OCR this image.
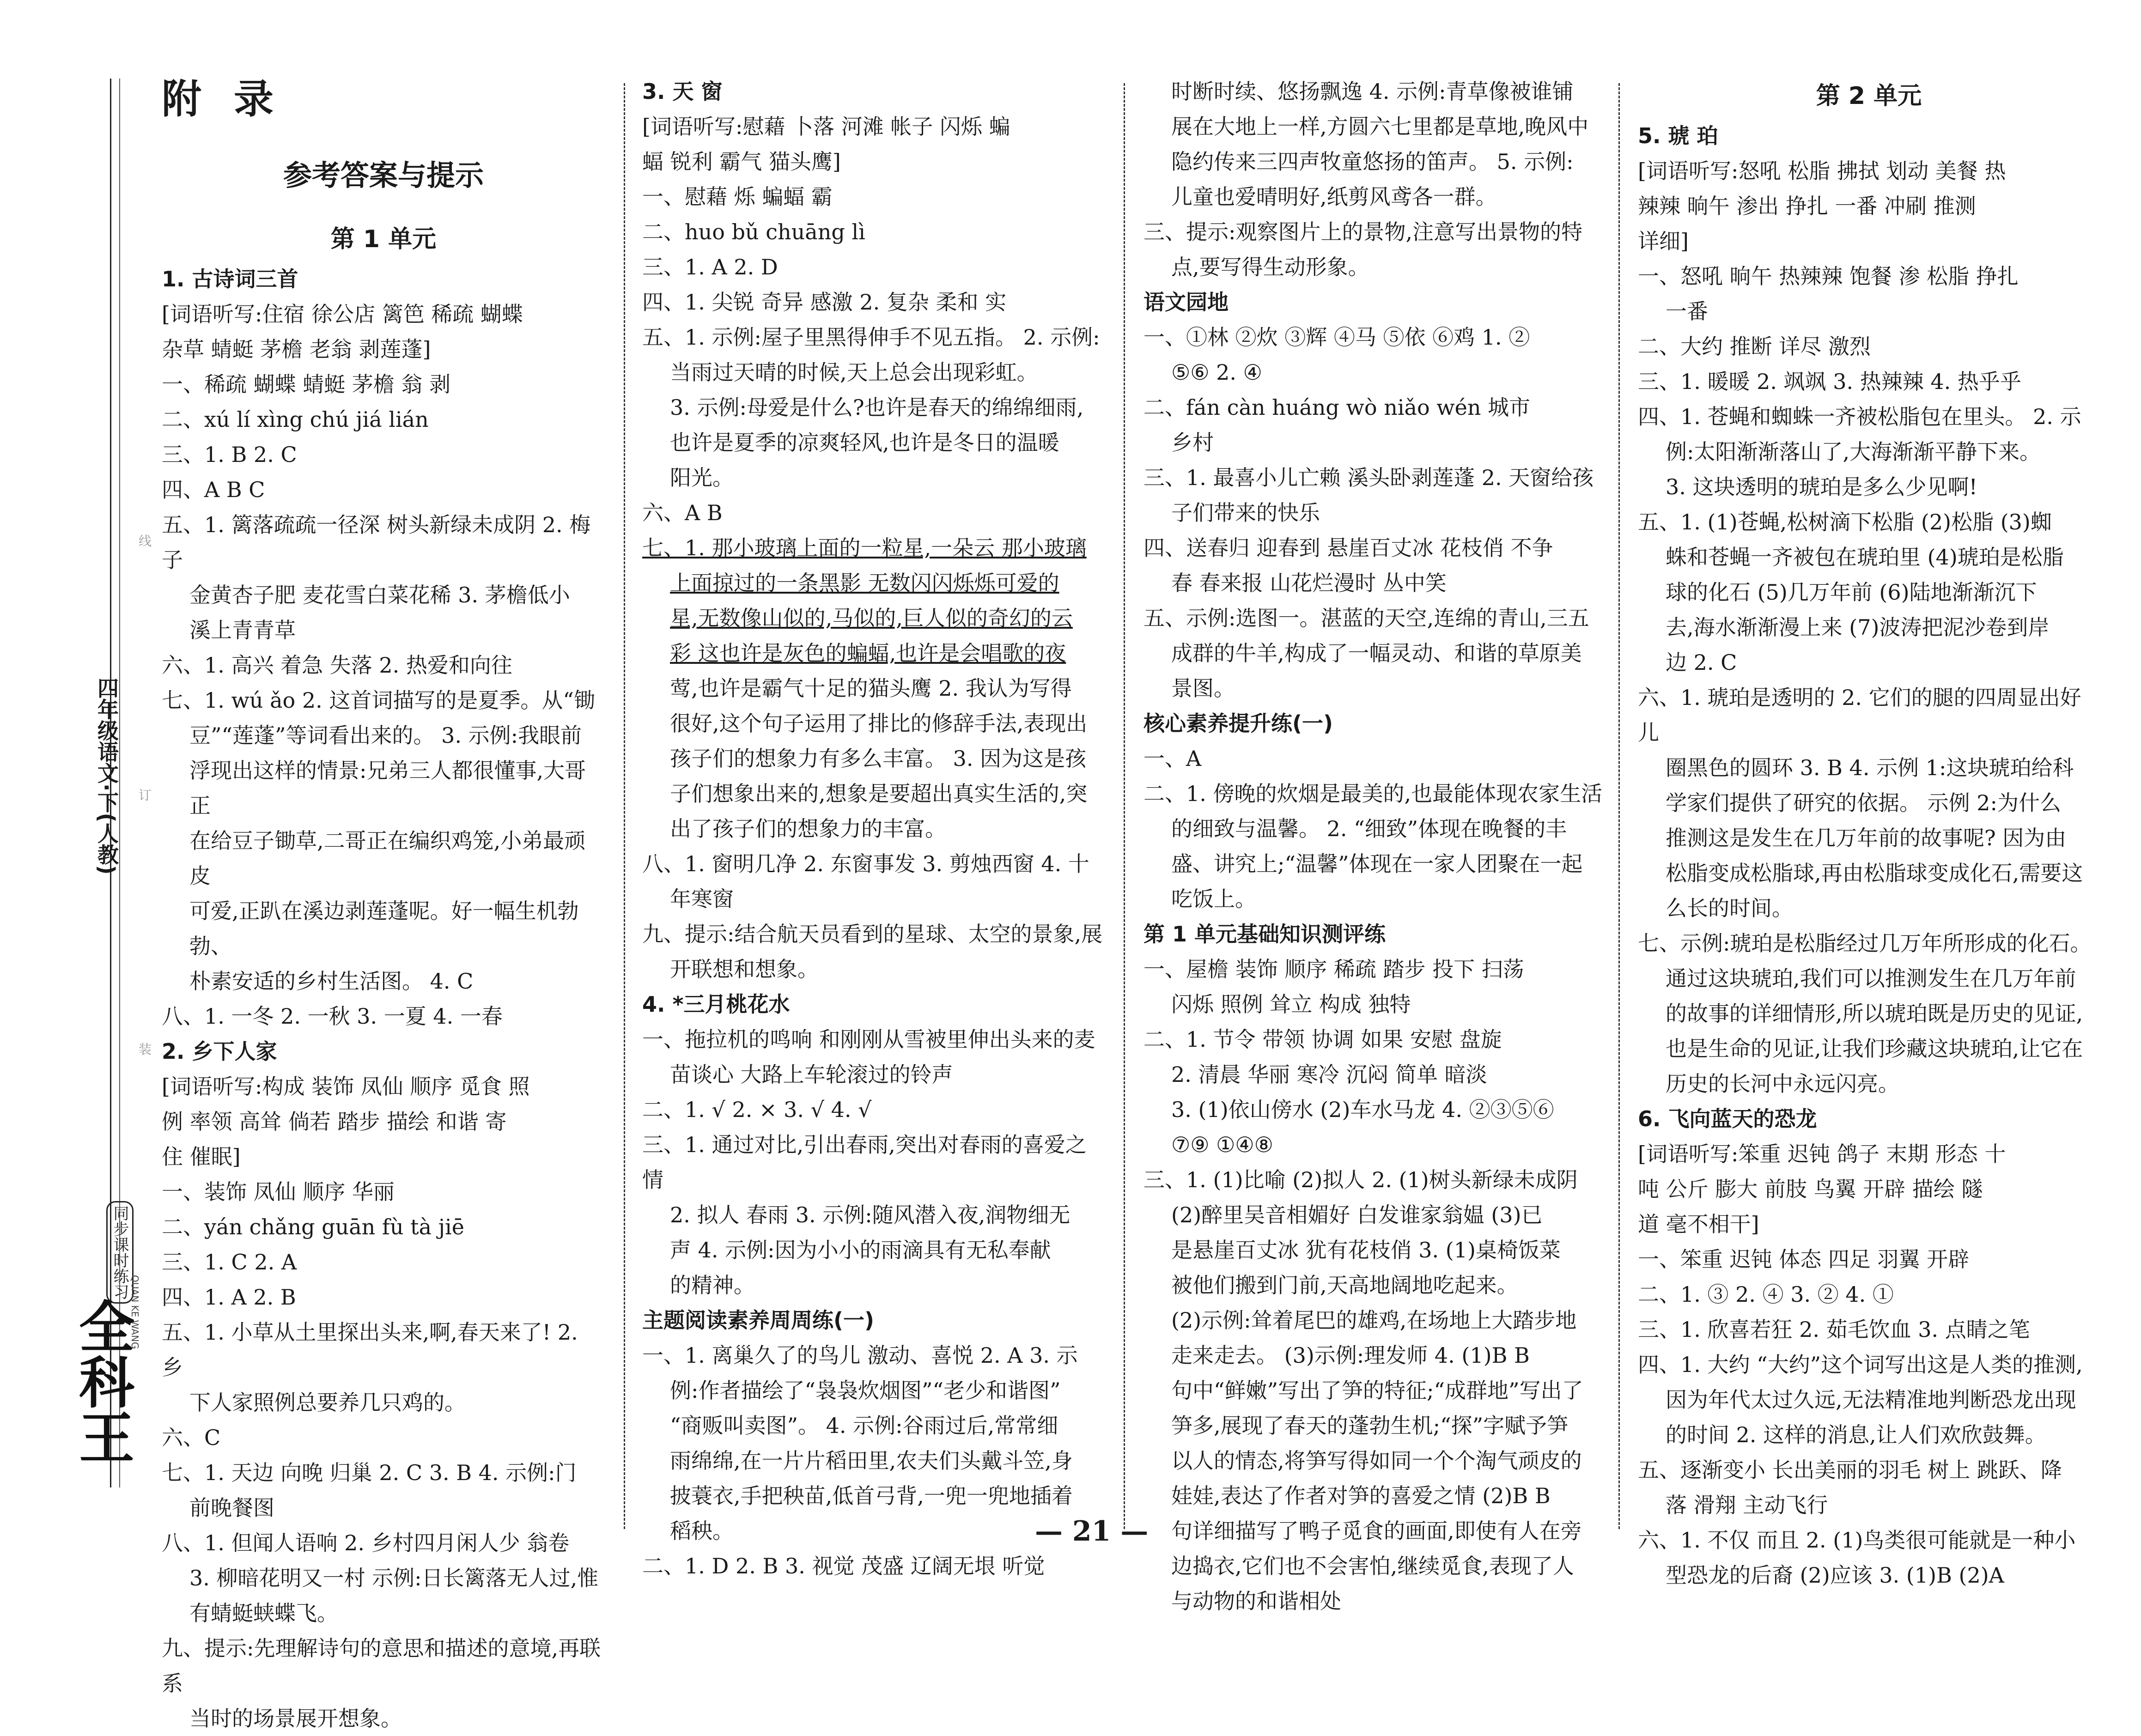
四年级语文·下(人教)
线
订
装
同步课时练习
QUAN KE WANG
全科王
附 录
参考答案与提示
第 1 单元

1. 古诗词三首

[词语听写:住宿 徐公店 篱笆 稀疏 蝴蝶

杂草 蜻蜓 茅檐 老翁 剥莲蓬]

一、稀疏 蝴蝶 蜻蜓 茅檐 翁 剥

二、xú lí xìng chú jiá lián

三、1. B 2. C

四、A B C

五、1. 篱落疏疏一径深 树头新绿未成阴 2. 梅子

金黄杏子肥 麦花雪白菜花稀 3. 茅檐低小

溪上青青草

六、1. 高兴 着急 失落 2. 热爱和向往

七、1. wú ǎo 2. 这首词描写的是夏季。从“锄

豆”“莲蓬”等词看出来的。 3. 示例:我眼前

浮现出这样的情景:兄弟三人都很懂事,大哥正

在给豆子锄草,二哥正在编织鸡笼,小弟最顽皮

可爱,正趴在溪边剥莲蓬呢。好一幅生机勃勃、

朴素安适的乡村生活图。 4. C

八、1. 一冬 2. 一秋 3. 一夏 4. 一春

2. 乡下人家

[词语听写:构成 装饰 凤仙 顺序 觅食 照

例 率领 高耸 倘若 踏步 描绘 和谐 寄

住 催眠]

一、装饰 凤仙 顺序 华丽

二、yán chǎng guān fù tà jiē

三、1. C 2. A

四、1. A 2. B

五、1. 小草从土里探出头来,啊,春天来了! 2. 乡

下人家照例总要养几只鸡的。

六、C

七、1. 天边 向晚 归巢 2. C 3. B 4. 示例:门

前晚餐图

八、1. 但闻人语响 2. 乡村四月闲人少 翁卷

3. 柳暗花明又一村 示例:日长篱落无人过,惟

有蜻蜓蛱蝶飞。

九、提示:先理解诗句的意思和描述的意境,再联系

当时的场景展开想象。

3. 天 窗

[词语听写:慰藉 卜落 河滩 帐子 闪烁 蝙

蝠 锐利 霸气 猫头鹰]

一、慰藉 烁 蝙蝠 霸

二、huo bǔ chuāng lì

三、1. A 2. D

四、1. 尖锐 奇异 感激 2. 复杂 柔和 实

五、1. 示例:屋子里黑得伸手不见五指。 2. 示例:

当雨过天晴的时候,天上总会出现彩虹。

3. 示例:母爱是什么?也许是春天的绵绵细雨,

也许是夏季的凉爽轻风,也许是冬日的温暖

阳光。

六、A B

七、1. 那小玻璃上面的一粒星,一朵云 那小玻璃

上面掠过的一条黑影 无数闪闪烁烁可爱的

星,无数像山似的,马似的,巨人似的奇幻的云

彩 这也许是灰色的蝙蝠,也许是会唱歌的夜

莺,也许是霸气十足的猫头鹰 2. 我认为写得

很好,这个句子运用了排比的修辞手法,表现出

孩子们的想象力有多么丰富。 3. 因为这是孩

子们想象出来的,想象是要超出真实生活的,突

出了孩子们的想象力的丰富。

八、1. 窗明几净 2. 东窗事发 3. 剪烛西窗 4. 十

年寒窗

九、提示:结合航天员看到的星球、太空的景象,展

开联想和想象。

4. *三月桃花水

一、拖拉机的鸣响 和刚刚从雪被里伸出头来的麦

苗谈心 大路上车轮滚过的铃声

二、1. √ 2. × 3. √ 4. √

三、1. 通过对比,引出春雨,突出对春雨的喜爱之情

2. 拟人 春雨 3. 示例:随风潜入夜,润物细无

声 4. 示例:因为小小的雨滴具有无私奉献

的精神。

主题阅读素养周周练(一)

一、1. 离巢久了的鸟儿 激动、喜悦 2. A 3. 示

例:作者描绘了“袅袅炊烟图”“老少和谐图”

“商贩叫卖图”。 4. 示例:谷雨过后,常常细

雨绵绵,在一片片稻田里,农夫们头戴斗笠,身

披蓑衣,手把秧苗,低首弓背,一兜一兜地插着

稻秧。

二、1. D 2. B 3. 视觉 茂盛 辽阔无垠 听觉

时断时续、悠扬飘逸 4. 示例:青草像被谁铺

展在大地上一样,方圆六七里都是草地,晚风中

隐约传来三四声牧童悠扬的笛声。 5. 示例:

儿童也爱晴明好,纸剪风鸢各一群。

三、提示:观察图片上的景物,注意写出景物的特

点,要写得生动形象。

语文园地

一、①林 ②炊 ③辉 ④马 ⑤依 ⑥鸡 1. ②

⑤⑥ 2. ④

二、fán càn huáng wò niǎo wén 城市

乡村

三、1. 最喜小儿亡赖 溪头卧剥莲蓬 2. 天窗给孩

子们带来的快乐

四、送春归 迎春到 悬崖百丈冰 花枝俏 不争

春 春来报 山花烂漫时 丛中笑

五、示例:选图一。湛蓝的天空,连绵的青山,三五

成群的牛羊,构成了一幅灵动、和谐的草原美

景图。

核心素养提升练(一)

一、A

二、1. 傍晚的炊烟是最美的,也最能体现农家生活

的细致与温馨。 2. “细致”体现在晚餐的丰

盛、讲究上;“温馨”体现在一家人团聚在一起

吃饭上。

第 1 单元基础知识测评练

一、屋檐 装饰 顺序 稀疏 踏步 投下 扫荡

闪烁 照例 耸立 构成 独特

二、1. 节令 带领 协调 如果 安慰 盘旋

2. 清晨 华丽 寒冷 沉闷 简单 暗淡

3. (1)依山傍水 (2)车水马龙 4. ②③⑤⑥

⑦⑨ ①④⑧

三、1. (1)比喻 (2)拟人 2. (1)树头新绿未成阴

(2)醉里吴音相媚好 白发谁家翁媪 (3)已

是悬崖百丈冰 犹有花枝俏 3. (1)桌椅饭菜

被他们搬到门前,天高地阔地吃起来。

(2)示例:耸着尾巴的雄鸡,在场地上大踏步地

走来走去。 (3)示例:理发师 4. (1)B B

句中“鲜嫩”写出了笋的特征;“成群地”写出了

笋多,展现了春天的蓬勃生机;“探”字赋予笋

以人的情态,将笋写得如同一个个淘气顽皮的

娃娃,表达了作者对笋的喜爱之情 (2)B B

句详细描写了鸭子觅食的画面,即使有人在旁

边捣衣,它们也不会害怕,继续觅食,表现了人

与动物的和谐相处

第 2 单元

5. 琥 珀

[词语听写:怒吼 松脂 拂拭 划动 美餐 热

辣辣 晌午 渗出 挣扎 一番 冲刷 推测

详细]

一、怒吼 晌午 热辣辣 饱餐 渗 松脂 挣扎

一番

二、大约 推断 详尽 激烈

三、1. 暖暖 2. 飒飒 3. 热辣辣 4. 热乎乎

四、1. 苍蝇和蜘蛛一齐被松脂包在里头。 2. 示

例:太阳渐渐落山了,大海渐渐平静下来。

3. 这块透明的琥珀是多么少见啊!

五、1. (1)苍蝇,松树滴下松脂 (2)松脂 (3)蜘

蛛和苍蝇一齐被包在琥珀里 (4)琥珀是松脂

球的化石 (5)几万年前 (6)陆地渐渐沉下

去,海水渐渐漫上来 (7)波涛把泥沙卷到岸

边 2. C

六、1. 琥珀是透明的 2. 它们的腿的四周显出好儿

圈黑色的圆环 3. B 4. 示例 1:这块琥珀给科

学家们提供了研究的依据。 示例 2:为什么

推测这是发生在几万年前的故事呢? 因为由

松脂变成松脂球,再由松脂球变成化石,需要这

么长的时间。

七、示例:琥珀是松脂经过几万年所形成的化石。

通过这块琥珀,我们可以推测发生在几万年前

的故事的详细情形,所以琥珀既是历史的见证,

也是生命的见证,让我们珍藏这块琥珀,让它在

历史的长河中永远闪亮。

6. 飞向蓝天的恐龙

[词语听写:笨重 迟钝 鸽子 末期 形态 十

吨 公斤 膨大 前肢 鸟翼 开辟 描绘 隧

道 毫不相干]

一、笨重 迟钝 体态 四足 羽翼 开辟

二、1. ③ 2. ④ 3. ② 4. ①

三、1. 欣喜若狂 2. 茹毛饮血 3. 点睛之笔

四、1. 大约 “大约”这个词写出这是人类的推测,

因为年代太过久远,无法精准地判断恐龙出现

的时间 2. 这样的消息,让人们欢欣鼓舞。

五、逐渐变小 长出美丽的羽毛 树上 跳跃、降

落 滑翔 主动飞行

六、1. 不仅 而且 2. (1)鸟类很可能就是一种小

型恐龙的后裔 (2)应该 3. (1)B (2)A

— 21 —
